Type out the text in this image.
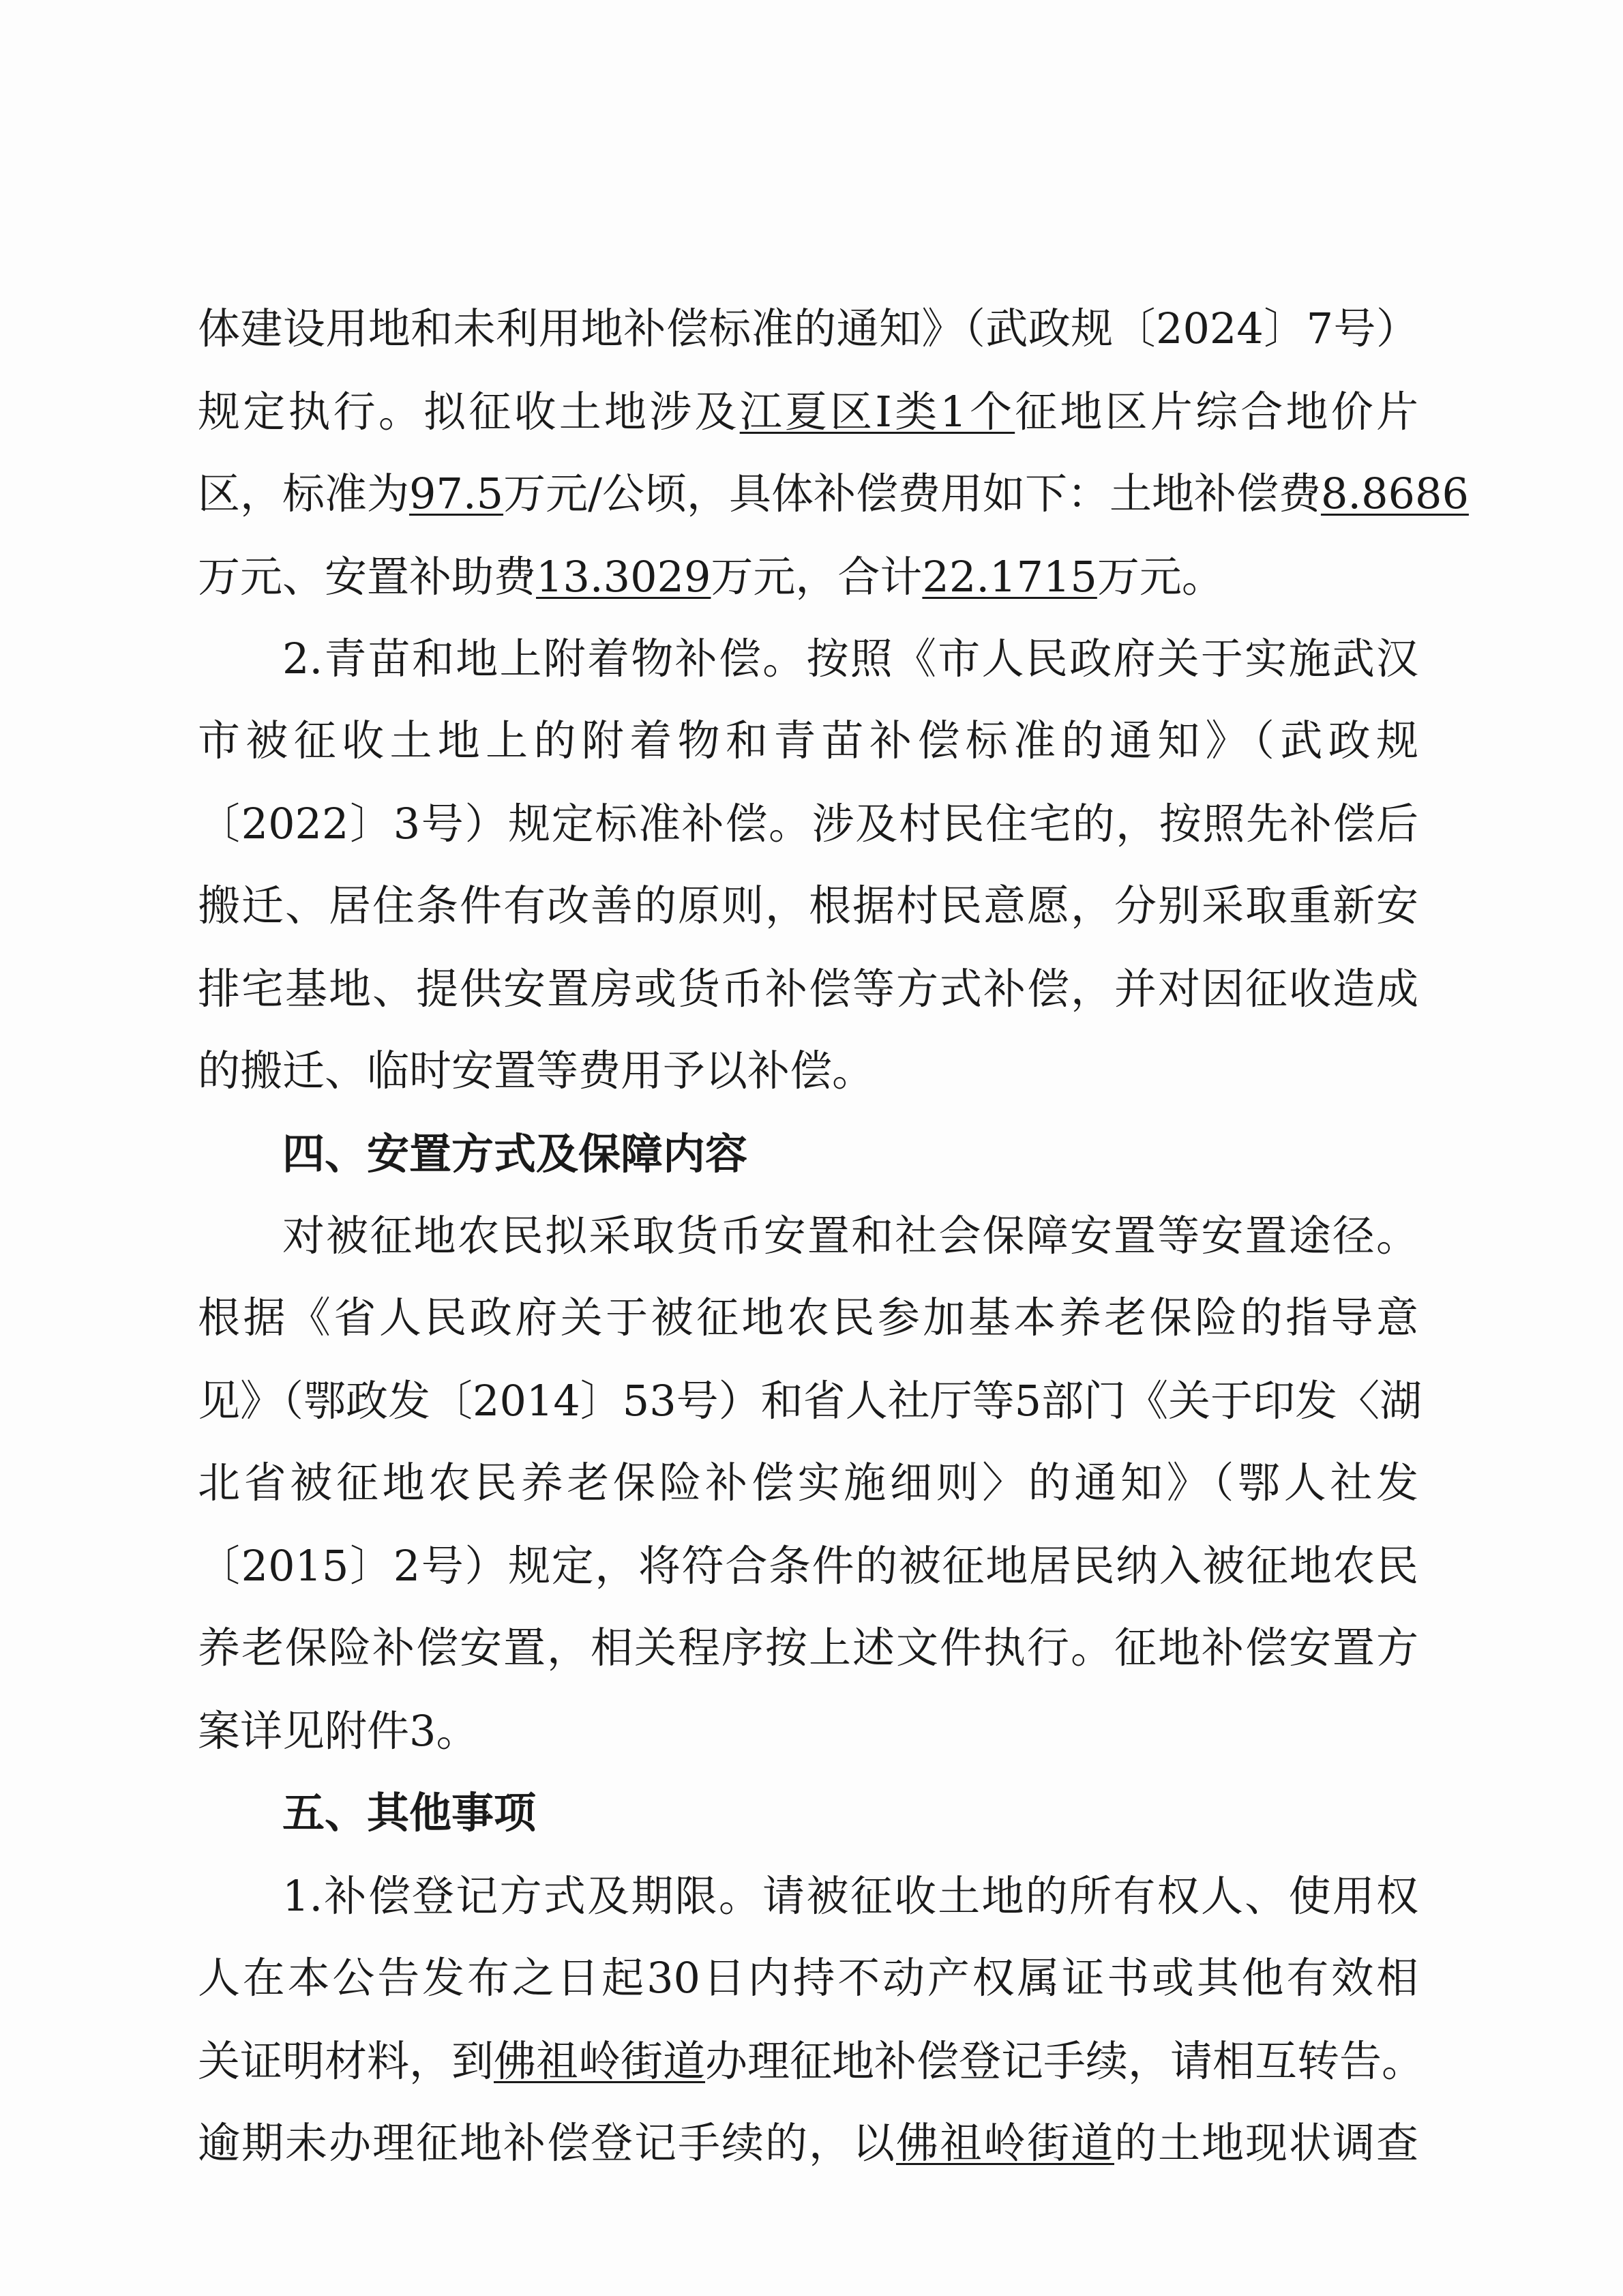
体建设用地和未利用地补偿标准的通知》（武政规〔2024〕7号）
规定执行。拟征收土地涉及江夏区Ⅰ类1个征地区片综合地价片
区，标准为97.5万元/公顷，具体补偿费用如下：土地补偿费8.8686
万元、安置补助费13.3029万元，合计22.1715万元。
2.青苗和地上附着物补偿。按照《市人民政府关于实施武汉
市被征收土地上的附着物和青苗补偿标准的通知》（武政规
〔2022〕3号）规定标准补偿。涉及村民住宅的，按照先补偿后
搬迁、居住条件有改善的原则，根据村民意愿，分别采取重新安
排宅基地、提供安置房或货币补偿等方式补偿，并对因征收造成
的搬迁、临时安置等费用予以补偿。
四、安置方式及保障内容
对被征地农民拟采取货币安置和社会保障安置等安置途径。
根据《省人民政府关于被征地农民参加基本养老保险的指导意
见》（鄂政发〔2014〕53号）和省人社厅等5部门《关于印发〈湖
北省被征地农民养老保险补偿实施细则〉的通知》（鄂人社发
〔2015〕2号）规定，将符合条件的被征地居民纳入被征地农民
养老保险补偿安置，相关程序按上述文件执行。征地补偿安置方
案详见附件3。
五、其他事项
1.补偿登记方式及期限。请被征收土地的所有权人、使用权
人在本公告发布之日起30日内持不动产权属证书或其他有效相
关证明材料，到佛祖岭街道办理征地补偿登记手续，请相互转告。
逾期未办理征地补偿登记手续的，以佛祖岭街道的土地现状调查
